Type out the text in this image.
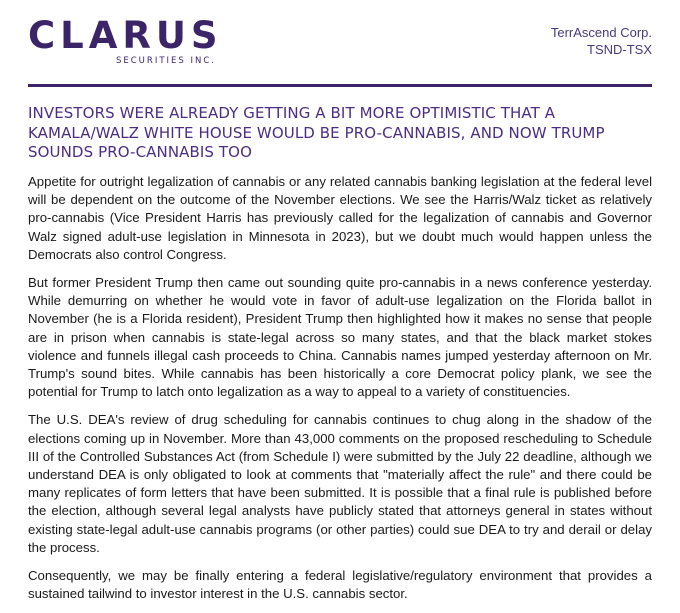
CLARUS
SECURITIES INC.
TerrAscend Corp.
TSND-TSX
INVESTORS WERE ALREADY GETTING A BIT MORE OPTIMISTIC THAT A KAMALA/WALZ WHITE HOUSE WOULD BE PRO-CANNABIS, AND NOW TRUMP SOUNDS PRO-CANNABIS TOO

Appetite for outright legalization of cannabis or any related cannabis banking legislation at the federal level will be dependent on the outcome of the November elections. We see the Harris/Walz ticket as relatively pro-cannabis (Vice President Harris has previously called for the legalization of cannabis and Governor Walz signed adult-use legislation in Minnesota in 2023), but we doubt much would happen unless the Democrats also control Congress.

But former President Trump then came out sounding quite pro-cannabis in a news conference yesterday. While demurring on whether he would vote in favor of adult-use legalization on the Florida ballot in November (he is a Florida resident), President Trump then highlighted how it makes no sense that people are in prison when cannabis is state-legal across so many states, and that the black market stokes violence and funnels illegal cash proceeds to China. Cannabis names jumped yesterday afternoon on Mr. Trump's sound bites. While cannabis has been historically a core Democrat policy plank, we see the potential for Trump to latch onto legalization as a way to appeal to a variety of constituencies.

The U.S. DEA's review of drug scheduling for cannabis continues to chug along in the shadow of the elections coming up in November. More than 43,000 comments on the proposed rescheduling to Schedule III of the Controlled Substances Act (from Schedule I) were submitted by the July 22 deadline, although we understand DEA is only obligated to look at comments that "materially affect the rule" and there could be many replicates of form letters that have been submitted. It is possible that a final rule is published before the election, although several legal analysts have publicly stated that attorneys general in states without existing state-legal adult-use cannabis programs (or other parties) could sue DEA to try and derail or delay the process.

Consequently, we may be finally entering a federal legislative/regulatory environment that provides a sustained tailwind to investor interest in the U.S. cannabis sector.
